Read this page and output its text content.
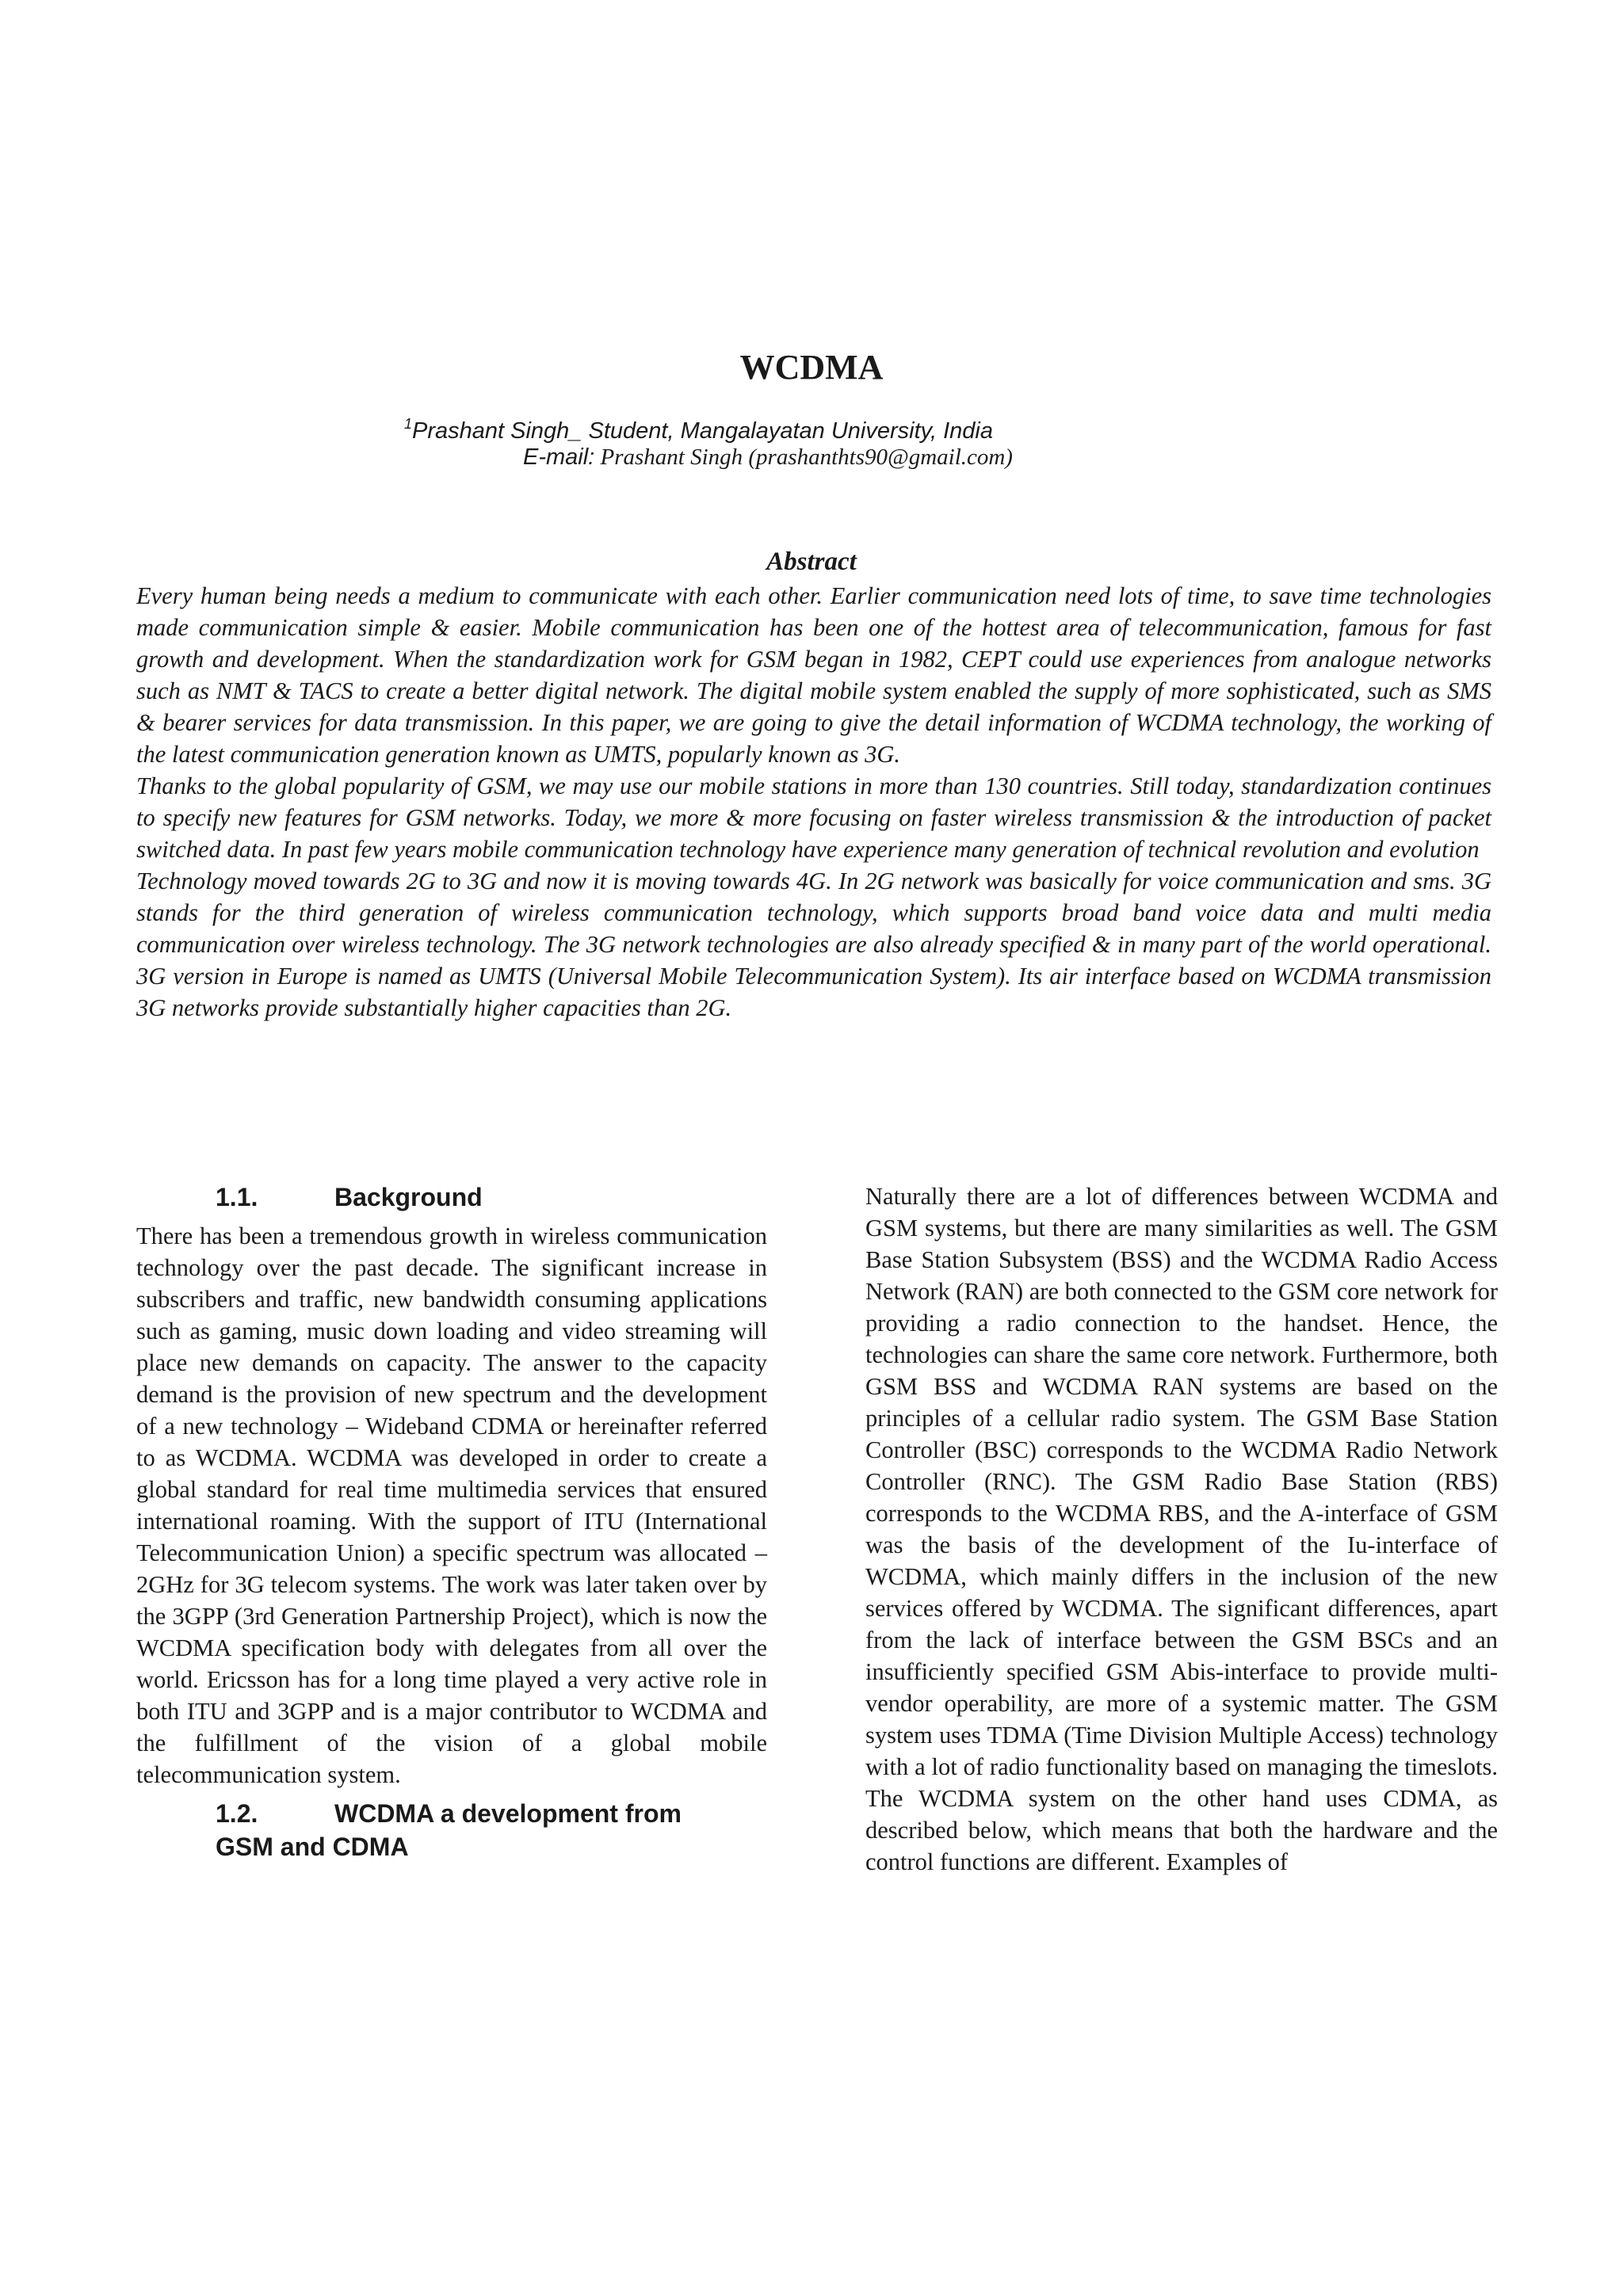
WCDMA
$^1$Prashant Singh_ Student, Mangalayatan University, India
E-mail: Prashant Singh (prashanthts90@gmail.com)
Abstract

Every human being needs a medium to communicate with each other. Earlier communication need lots of time, to save time technologies made communication simple & easier. Mobile communication has been one of the hottest area of telecommunication, famous for fast growth and development. When the standardization work for GSM began in 1982, CEPT could use experiences from analogue networks such as NMT & TACS to create a better digital network. The digital mobile system enabled the supply of more sophisticated, such as SMS & bearer services for data transmission. In this paper, we are going to give the detail information of WCDMA technology, the working of the latest communication generation known as UMTS, popularly known as 3G.

Thanks to the global popularity of GSM, we may use our mobile stations in more than 130 countries. Still today, standardization continues to specify new features for GSM networks. Today, we more & more focusing on faster wireless transmission & the introduction of packet switched data. In past few years mobile communication technology have experience many generation of technical revolution and evolution

Technology moved towards 2G to 3G and now it is moving towards 4G. In 2G network was basically for voice communication and sms. 3G stands for the third generation of wireless communication technology, which supports broad band voice data and multi media communication over wireless technology. The 3G network technologies are also already specified & in many part of the world operational. 3G version in Europe is named as UMTS (Universal Mobile Telecommunication System). Its air interface based on WCDMA transmission 3G networks provide substantially higher capacities than 2G.

1.1.	Background

There has been a tremendous growth in wireless communication technology over the past decade. The significant increase in subscribers and traffic, new bandwidth consuming applications such as gaming, music down loading and video streaming will place new demands on capacity. The answer to the capacity demand is the provision of new spectrum and the development of a new technology – Wideband CDMA or hereinafter referred to as WCDMA. WCDMA was developed in order to create a global standard for real time multimedia services that ensured international roaming. With the support of ITU (International Telecommunication Union) a specific spectrum was allocated – 2GHz for 3G telecom systems. The work was later taken over by the 3GPP (3rd Generation Partnership Project), which is now the WCDMA specification body with delegates from all over the world. Ericsson has for a long time played a very active role in both ITU and 3GPP and is a major contributor to WCDMA and the fulfillment of the vision of a global mobile telecommunication system.

1.2.	WCDMA a development from
GSM and CDMA

Naturally there are a lot of differences between WCDMA and GSM systems, but there are many similarities as well. The GSM Base Station Subsystem (BSS) and the WCDMA Radio Access Network (RAN) are both connected to the GSM core network for providing a radio connection to the handset. Hence, the technologies can share the same core network. Furthermore, both GSM BSS and WCDMA RAN systems are based on the principles of a cellular radio system. The GSM Base Station Controller (BSC) corresponds to the WCDMA Radio Network Controller (RNC). The GSM Radio Base Station (RBS) corresponds to the WCDMA RBS, and the A-interface of GSM was the basis of the development of the Iu-interface of WCDMA, which mainly differs in the inclusion of the new services offered by WCDMA. The significant differences, apart from the lack of interface between the GSM BSCs and an insufficiently specified GSM Abis-interface to provide multi-vendor operability, are more of a systemic matter. The GSM system uses TDMA (Time Division Multiple Access) technology with a lot of radio functionality based on managing the timeslots. The WCDMA system on the other hand uses CDMA, as described below, which means that both the hardware and the control functions are different. Examples of
